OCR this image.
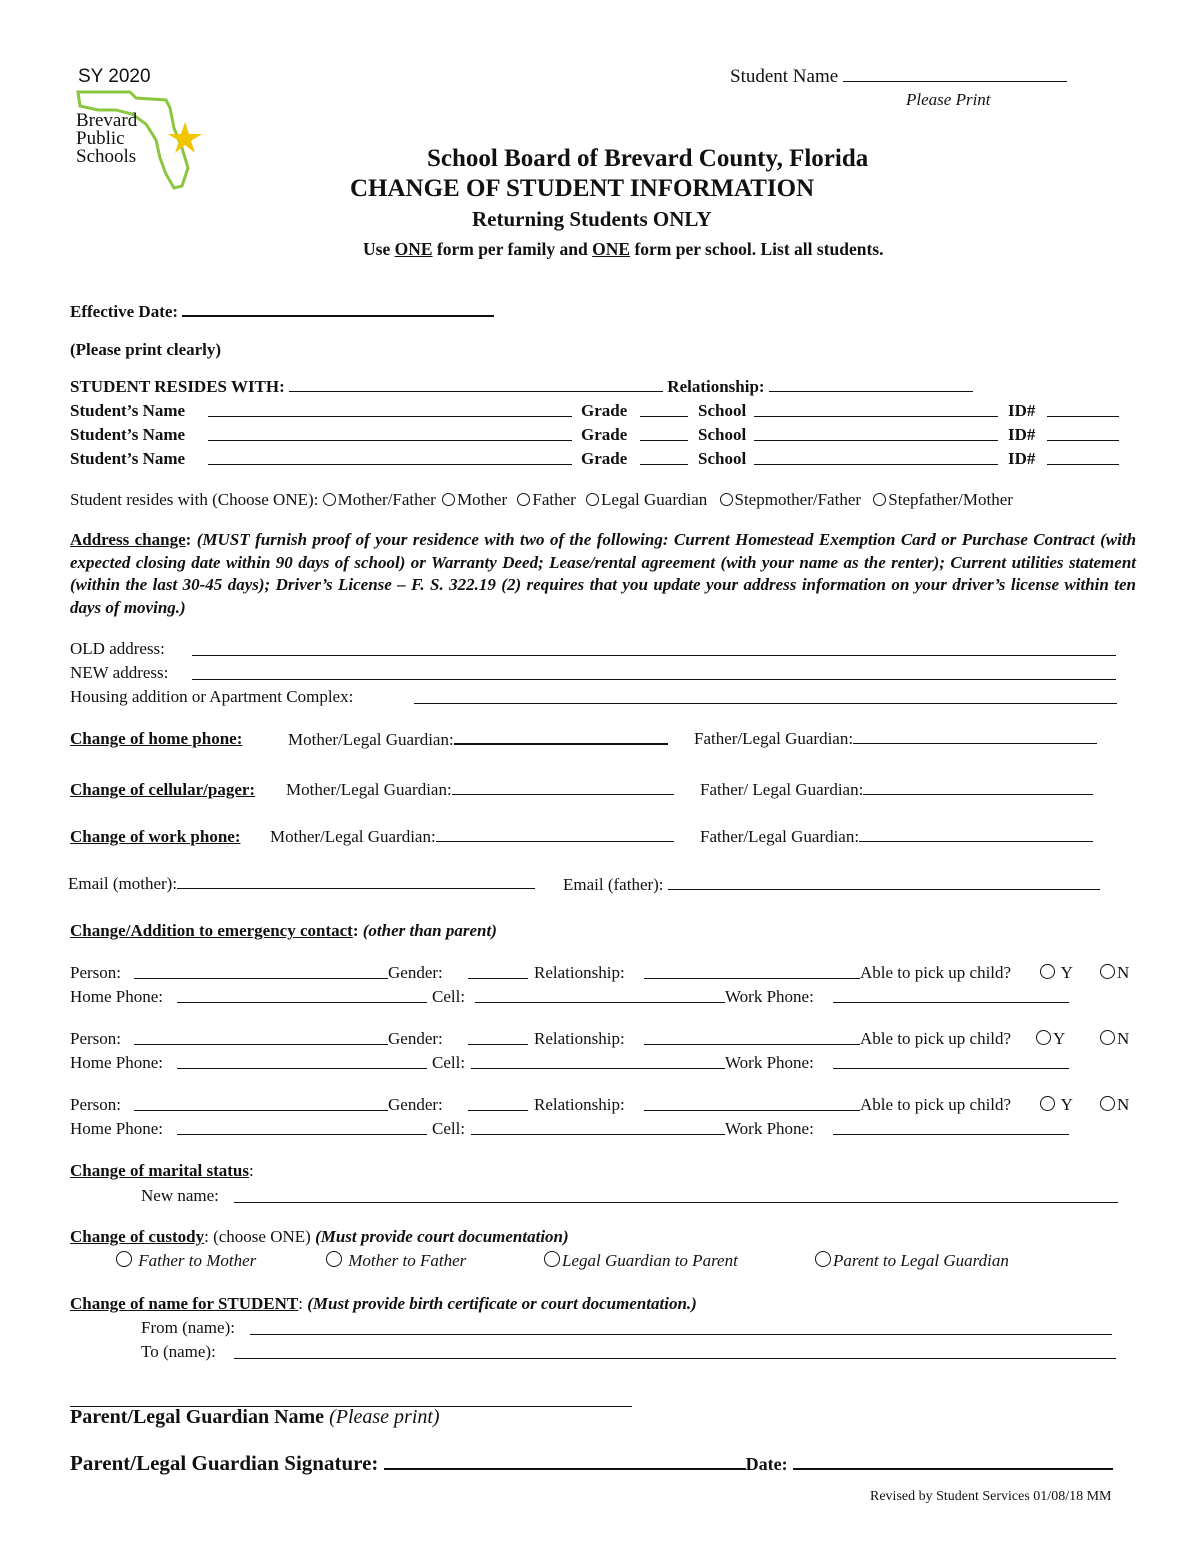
SY 2020
Brevard
Public
Schools
Student Name
Please Print
School Board of Brevard County, Florida
CHANGE OF STUDENT INFORMATION
Returning Students ONLY
Use ONE form per family and ONE form per school. List all students.
Effective Date:
(Please print clearly)
STUDENT RESIDES WITH:	Relationship:
Student’s Name	Grade	School	ID#
Student’s Name	Grade	School	ID#
Student’s Name	Grade	School	ID#
Student resides with (Choose ONE): Mother/Father Mother Father Legal Guardian Stepmother/Father Stepfather/Mother
Address change: (MUST furnish proof of your residence with two of the following: Current Homestead Exemption Card or Purchase Contract (with expected closing date within 90 days of school) or Warranty Deed; Lease/rental agreement (with your name as the renter); Current utilities statement (within the last 30-45 days); Driver’s License – F. S. 322.19 (2) requires that you update your address information on your driver’s license within ten days of moving.)
OLD address:
NEW address:
Housing addition or Apartment Complex:
Change of home phone:	Mother/Legal Guardian:	Father/Legal Guardian:
Change of cellular/pager: Mother/Legal Guardian:	Father/ Legal Guardian:
Change of work phone: Mother/Legal Guardian:	Father/Legal Guardian:
Email (mother):	Email (father):
Change/Addition to emergency contact: (other than parent)
Person:	Gender:	Relationship:	Able to pick up child?	Y	N
Home Phone:	Cell:	Work Phone:
Person:	Gender:	Relationship:	Able to pick up child?	Y	N
Home Phone:	Cell:	Work Phone:
Person:	Gender:	Relationship:	Able to pick up child?	Y	N
Home Phone:	Cell:	Work Phone:
Change of marital status:
New name:
Change of custody: (choose ONE) (Must provide court documentation)
Father to Mother	Mother to Father	Legal Guardian to Parent	Parent to Legal Guardian
Change of name for STUDENT: (Must provide birth certificate or court documentation.)
From (name):
To (name):
Parent/Legal Guardian Name (Please print)
Parent/Legal Guardian Signature:	Date:
Revised by Student Services 01/08/18 MM
